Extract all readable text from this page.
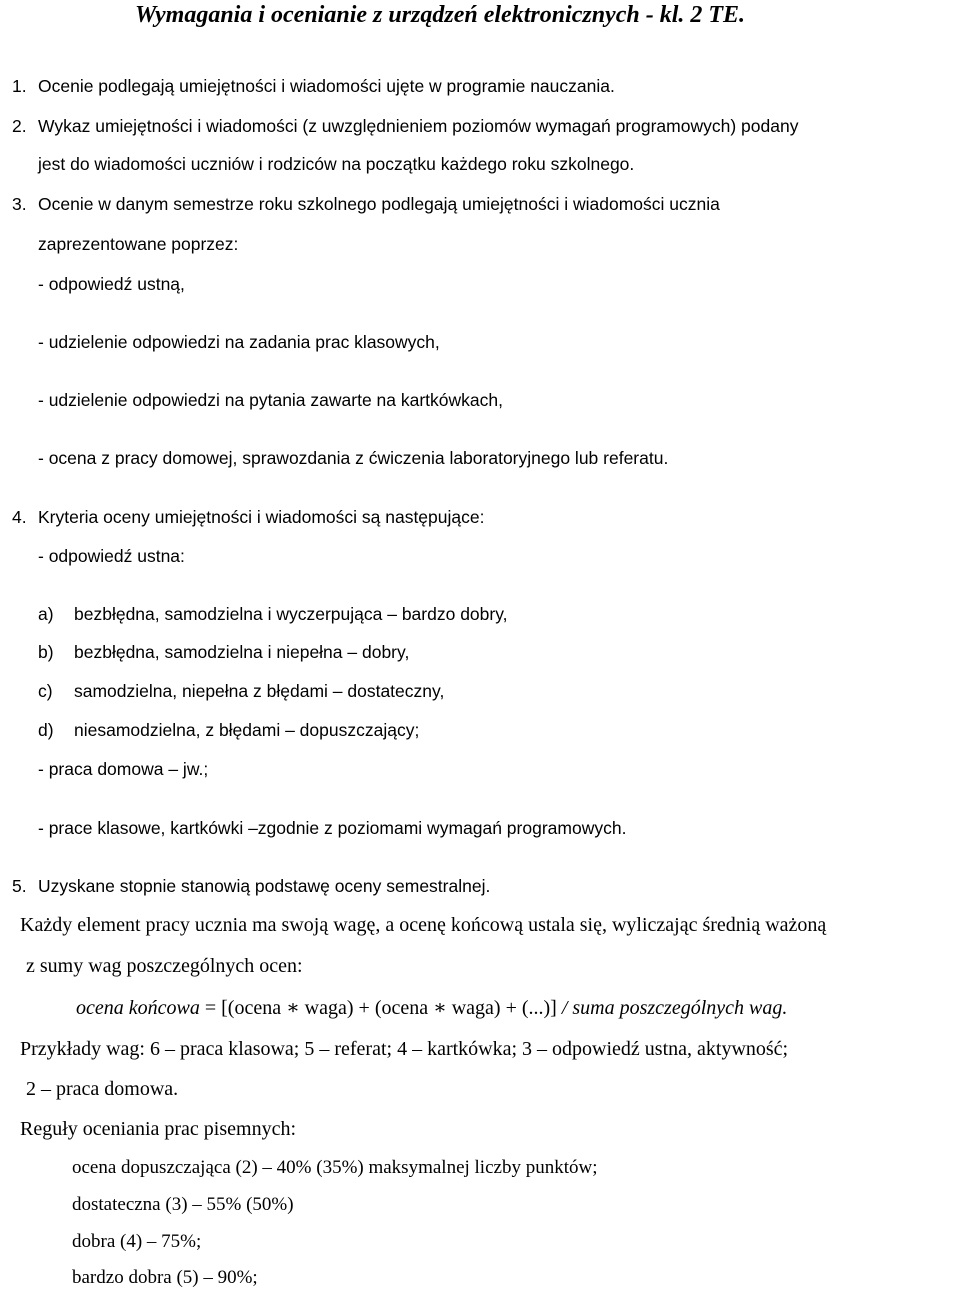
Wymagania i ocenianie z urządzeń elektronicznych - kl. 2 TE.
1. Ocenie podlegają umiejętności i wiadomości ujęte w programie nauczania.
2. Wykaz umiejętności i wiadomości (z uwzględnieniem poziomów wymagań programowych) podany
jest do wiadomości uczniów i rodziców na początku każdego roku szkolnego.
3. Ocenie w danym semestrze roku szkolnego podlegają umiejętności i wiadomości ucznia
zaprezentowane poprzez:
- odpowiedź ustną,
- udzielenie odpowiedzi na zadania prac klasowych,
- udzielenie odpowiedzi na pytania zawarte na kartkówkach,
- ocena z pracy domowej, sprawozdania z ćwiczenia laboratoryjnego lub referatu.
4. Kryteria oceny umiejętności i wiadomości są następujące:
- odpowiedź ustna:
a) bezbłędna, samodzielna i wyczerpująca – bardzo dobry,
b) bezbłędna, samodzielna i niepełna – dobry,
c) samodzielna, niepełna z błędami – dostateczny,
d) niesamodzielna, z błędami – dopuszczający;
- praca domowa – jw.;
- prace klasowe, kartkówki –zgodnie z poziomami wymagań programowych.
5. Uzyskane stopnie stanowią podstawę oceny semestralnej.
Każdy element pracy ucznia ma swoją wagę, a ocenę końcową ustala się, wyliczając średnią ważoną
z sumy wag poszczególnych ocen:
ocena końcowa = [(ocena ∗ waga) + (ocena ∗ waga) + (...)] / suma poszczególnych wag.
Przykłady wag: 6 – praca klasowa; 5 – referat; 4 – kartkówka; 3 – odpowiedź ustna, aktywność;
2 – praca domowa.
Reguły oceniania prac pisemnych:
ocena dopuszczająca (2) – 40% (35%) maksymalnej liczby punktów;
dostateczna (3) – 55% (50%)
dobra (4) – 75%;
bardzo dobra (5) – 90%;
